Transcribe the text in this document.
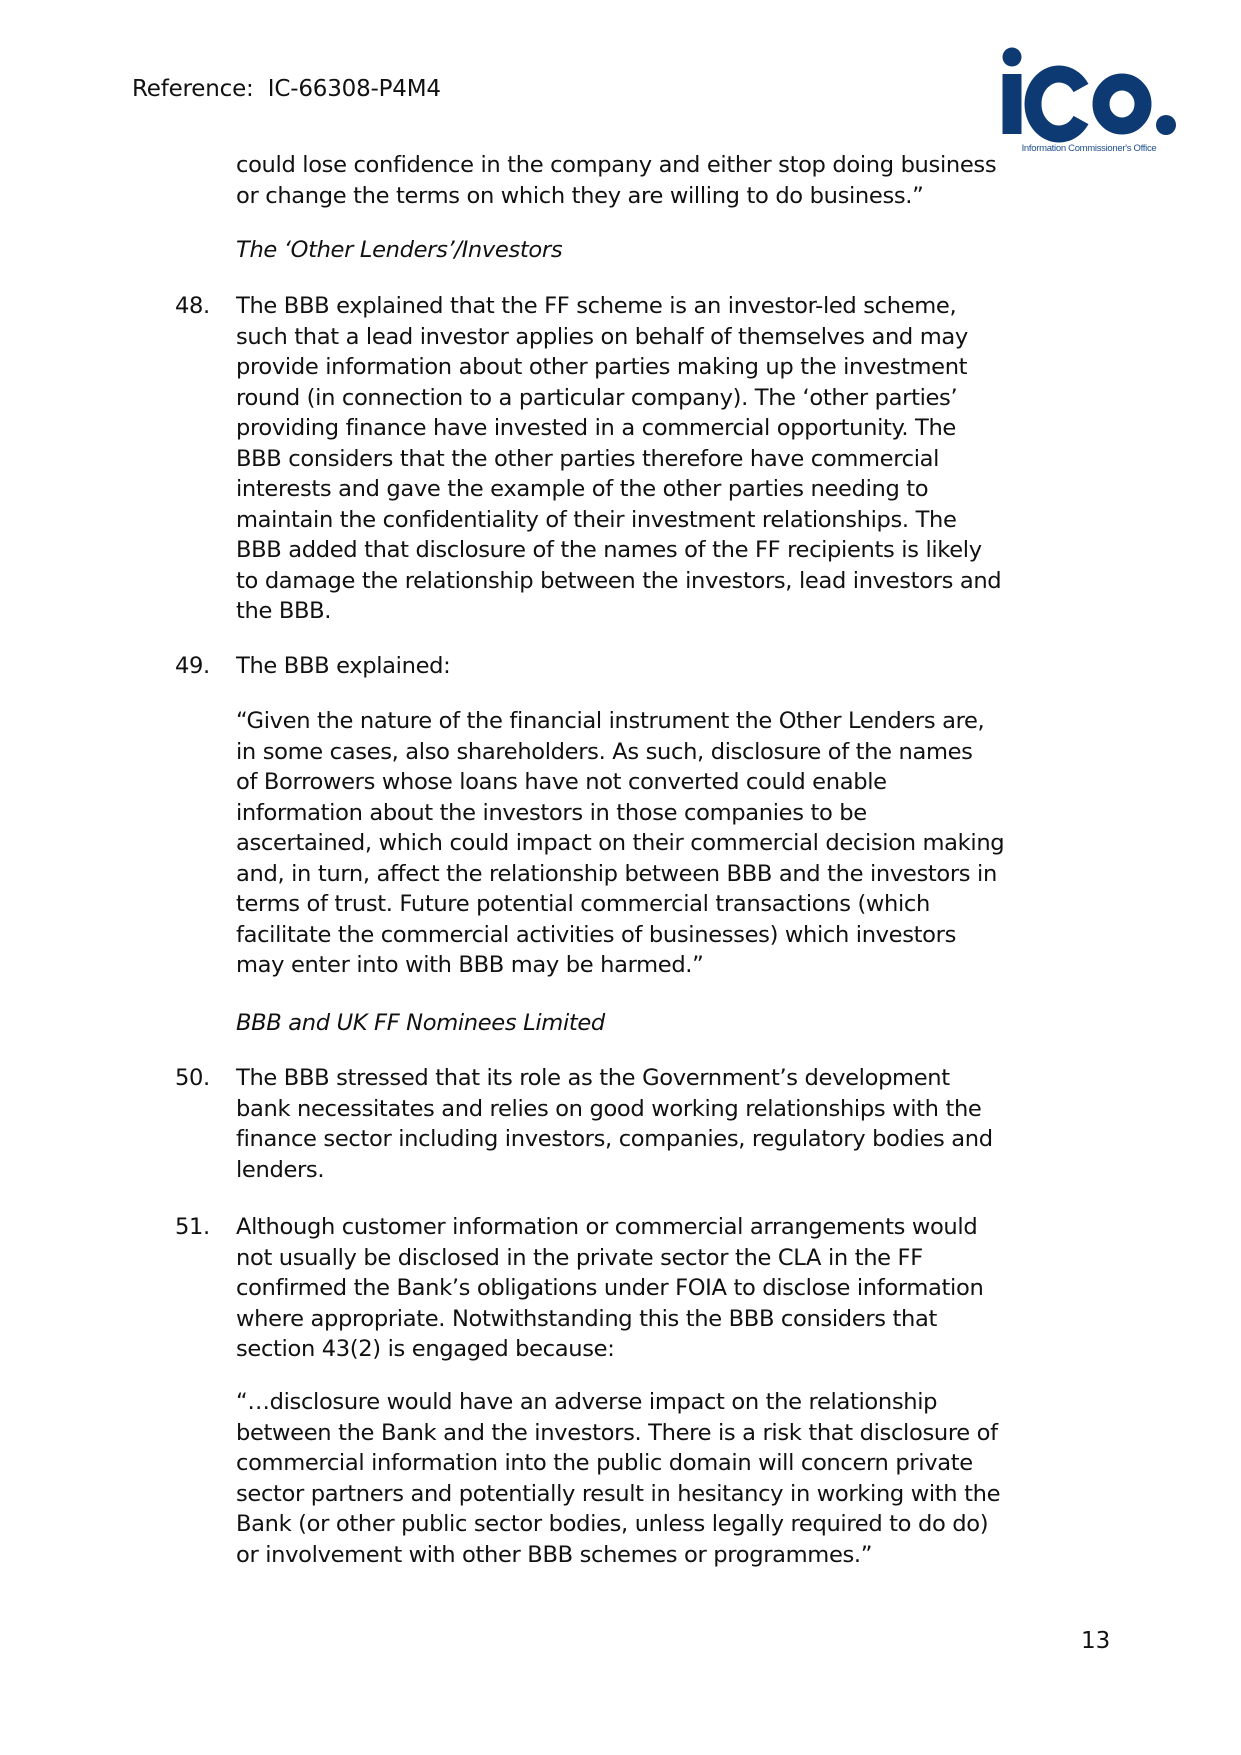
Reference:  IC-66308-P4M4
Information Commissioner's Office
could lose confidence in the company and either stop doing business
or change the terms on which they are willing to do business.”
The ‘Other Lenders’/Investors
48. The BBB explained that the FF scheme is an investor-led scheme,
such that a lead investor applies on behalf of themselves and may
provide information about other parties making up the investment
round (in connection to a particular company). The ‘other parties’
providing finance have invested in a commercial opportunity. The
BBB considers that the other parties therefore have commercial
interests and gave the example of the other parties needing to
maintain the confidentiality of their investment relationships. The
BBB added that disclosure of the names of the FF recipients is likely
to damage the relationship between the investors, lead investors and
the BBB.
49. The BBB explained:
“Given the nature of the financial instrument the Other Lenders are,
in some cases, also shareholders. As such, disclosure of the names
of Borrowers whose loans have not converted could enable
information about the investors in those companies to be
ascertained, which could impact on their commercial decision making
and, in turn, affect the relationship between BBB and the investors in
terms of trust. Future potential commercial transactions (which
facilitate the commercial activities of businesses) which investors
may enter into with BBB may be harmed.”
BBB and UK FF Nominees Limited
50. The BBB stressed that its role as the Government’s development
bank necessitates and relies on good working relationships with the
finance sector including investors, companies, regulatory bodies and
lenders.
51. Although customer information or commercial arrangements would
not usually be disclosed in the private sector the CLA in the FF
confirmed the Bank’s obligations under FOIA to disclose information
where appropriate. Notwithstanding this the BBB considers that
section 43(2) is engaged because:
“…disclosure would have an adverse impact on the relationship
between the Bank and the investors. There is a risk that disclosure of
commercial information into the public domain will concern private
sector partners and potentially result in hesitancy in working with the
Bank (or other public sector bodies, unless legally required to do do)
or involvement with other BBB schemes or programmes.”
13
